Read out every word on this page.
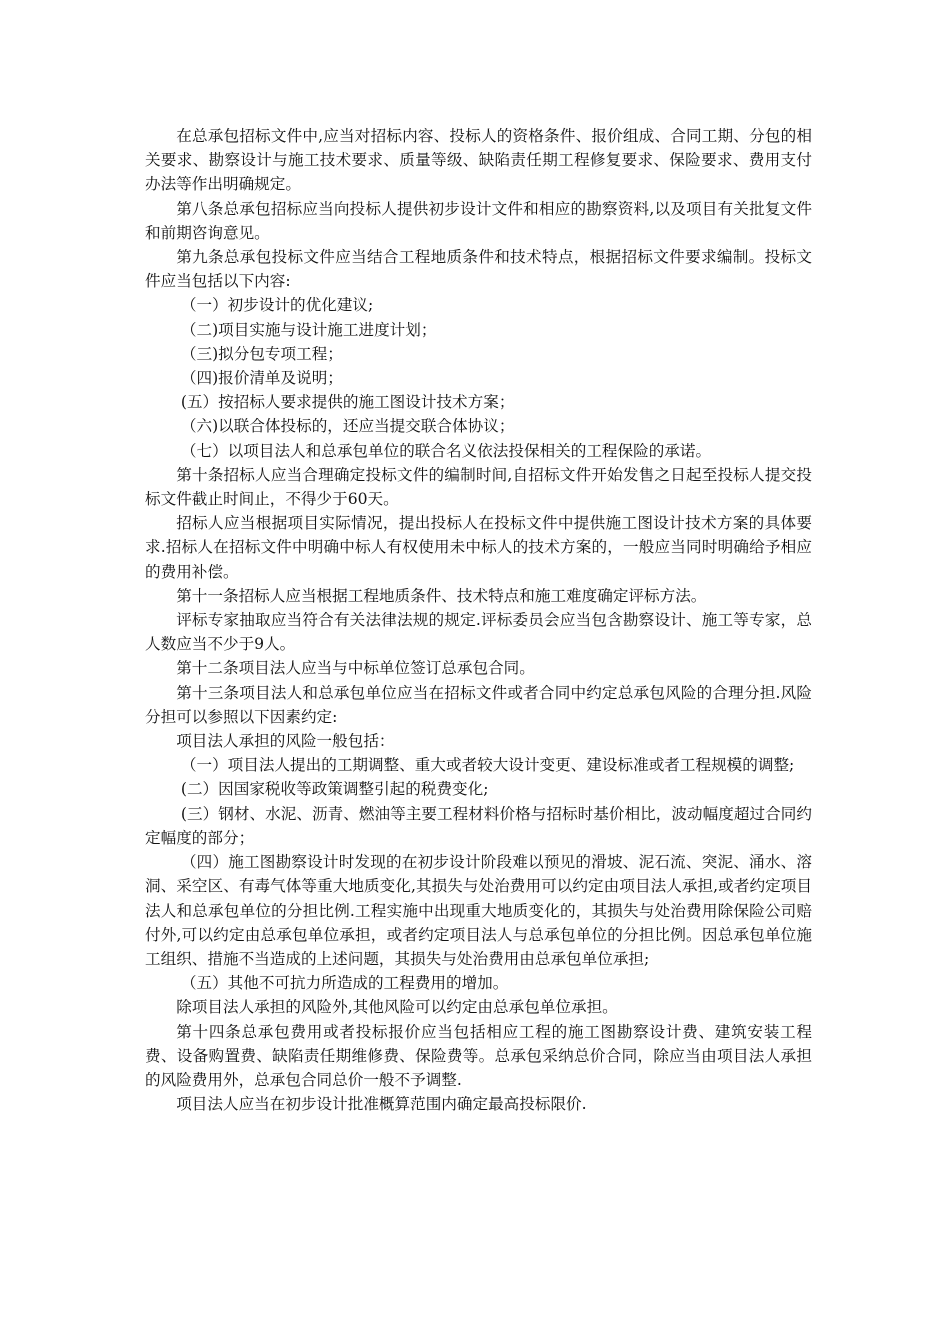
在总承包招标文件中,应当对招标内容、投标人的资格条件、报价组成、合同工期、分包的相关要求、勘察设计与施工技术要求、质量等级、缺陷责任期工程修复要求、保险要求、费用支付办法等作出明确规定。

第八条总承包招标应当向投标人提供初步设计文件和相应的勘察资料,以及项目有关批复文件和前期咨询意见。

第九条总承包投标文件应当结合工程地质条件和技术特点，根据招标文件要求编制。投标文件应当包括以下内容:

（一）初步设计的优化建议;

（二)项目实施与设计施工进度计划；

（三)拟分包专项工程；

（四)报价清单及说明；

(五）按招标人要求提供的施工图设计技术方案；

（六)以联合体投标的，还应当提交联合体协议；

（七）以项目法人和总承包单位的联合名义依法投保相关的工程保险的承诺。

第十条招标人应当合理确定投标文件的编制时间,自招标文件开始发售之日起至投标人提交投标文件截止时间止，不得少于60天。

招标人应当根据项目实际情况，提出投标人在投标文件中提供施工图设计技术方案的具体要求.招标人在招标文件中明确中标人有权使用未中标人的技术方案的，一般应当同时明确给予相应的费用补偿。

第十一条招标人应当根据工程地质条件、技术特点和施工难度确定评标方法。

评标专家抽取应当符合有关法律法规的规定.评标委员会应当包含勘察设计、施工等专家，总人数应当不少于9人。

第十二条项目法人应当与中标单位签订总承包合同。

第十三条项目法人和总承包单位应当在招标文件或者合同中约定总承包风险的合理分担.风险分担可以参照以下因素约定:

项目法人承担的风险一般包括：

（一）项目法人提出的工期调整、重大或者较大设计变更、建设标准或者工程规模的调整;

(二）因国家税收等政策调整引起的税费变化;

(三）钢材、水泥、沥青、燃油等主要工程材料价格与招标时基价相比，波动幅度超过合同约定幅度的部分；

（四）施工图勘察设计时发现的在初步设计阶段难以预见的滑坡、泥石流、突泥、涌水、溶洞、采空区、有毒气体等重大地质变化,其损失与处治费用可以约定由项目法人承担,或者约定项目法人和总承包单位的分担比例.工程实施中出现重大地质变化的，其损失与处治费用除保险公司赔付外,可以约定由总承包单位承担，或者约定项目法人与总承包单位的分担比例。因总承包单位施工组织、措施不当造成的上述问题，其损失与处治费用由总承包单位承担;

（五）其他不可抗力所造成的工程费用的增加。

除项目法人承担的风险外,其他风险可以约定由总承包单位承担。

第十四条总承包费用或者投标报价应当包括相应工程的施工图勘察设计费、建筑安装工程费、设备购置费、缺陷责任期维修费、保险费等。总承包采纳总价合同，除应当由项目法人承担的风险费用外，总承包合同总价一般不予调整.

项目法人应当在初步设计批准概算范围内确定最高投标限价.
